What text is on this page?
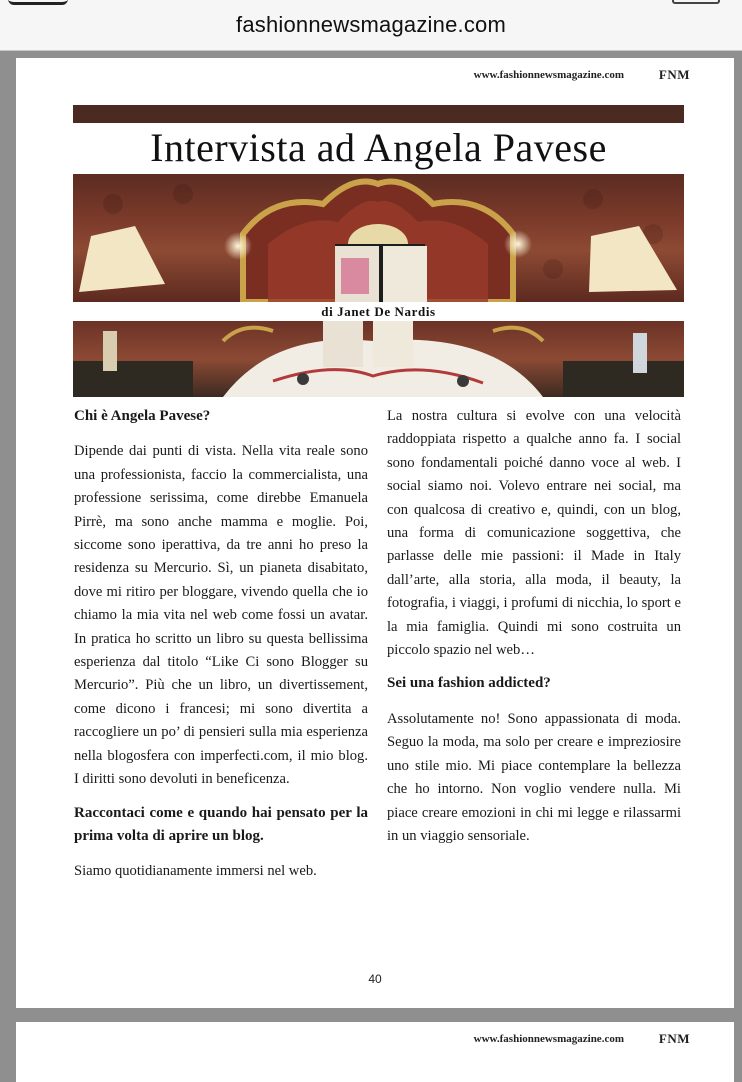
fashionnewsmagazine.com
www.fashionnewsmagazine.com	FNM
Intervista ad Angela Pavese
di Janet De Nardis

Chi è Angela Pavese?

Dipende dai punti di vista. Nella vita reale sono una professionista, faccio la commercialista, una professione serissima, come direbbe Emanuela Pirrè, ma sono anche mamma e moglie. Poi, siccome sono iperattiva, da tre anni ho preso la residenza su Mercurio. Sì, un pianeta disabitato, dove mi ritiro per bloggare, vivendo quella che io chiamo la mia vita nel web come fossi un avatar. In pratica ho scritto un libro su questa bellissima esperienza dal titolo “Like Ci sono Blogger su Mercurio”. Più che un libro, un divertissement, come dicono i francesi; mi sono divertita a raccogliere un po’ di pensieri sulla mia esperienza nella blogosfera con imperfecti.com, il mio blog. I diritti sono devoluti in beneficenza.

Raccontaci come e quando hai pensato per la prima volta di aprire un blog.

Siamo quotidianamente immersi nel web.

La nostra cultura si evolve con una velocità raddoppiata rispetto a qualche anno fa. I social sono fondamentali poiché danno voce al web. I social siamo noi. Volevo entrare nei social, ma con qualcosa di creativo e, quindi, con un blog, una forma di comunicazione soggettiva, che parlasse delle mie passioni: il Made in Italy dall’arte, alla storia, alla moda, il beauty, la fotografia, i viaggi, i profumi di nicchia, lo sport e la mia famiglia. Quindi mi sono costruita un piccolo spazio nel web…

Sei una fashion addicted?

Assolutamente no! Sono appassionata di moda. Seguo la moda, ma solo per creare e impreziosire uno stile mio. Mi piace contemplare la bellezza che ho intorno. Non voglio vendere nulla. Mi piace creare emozioni in chi mi legge e rilassarmi in un viaggio sensoriale.

40
www.fashionnewsmagazine.com	FNM
